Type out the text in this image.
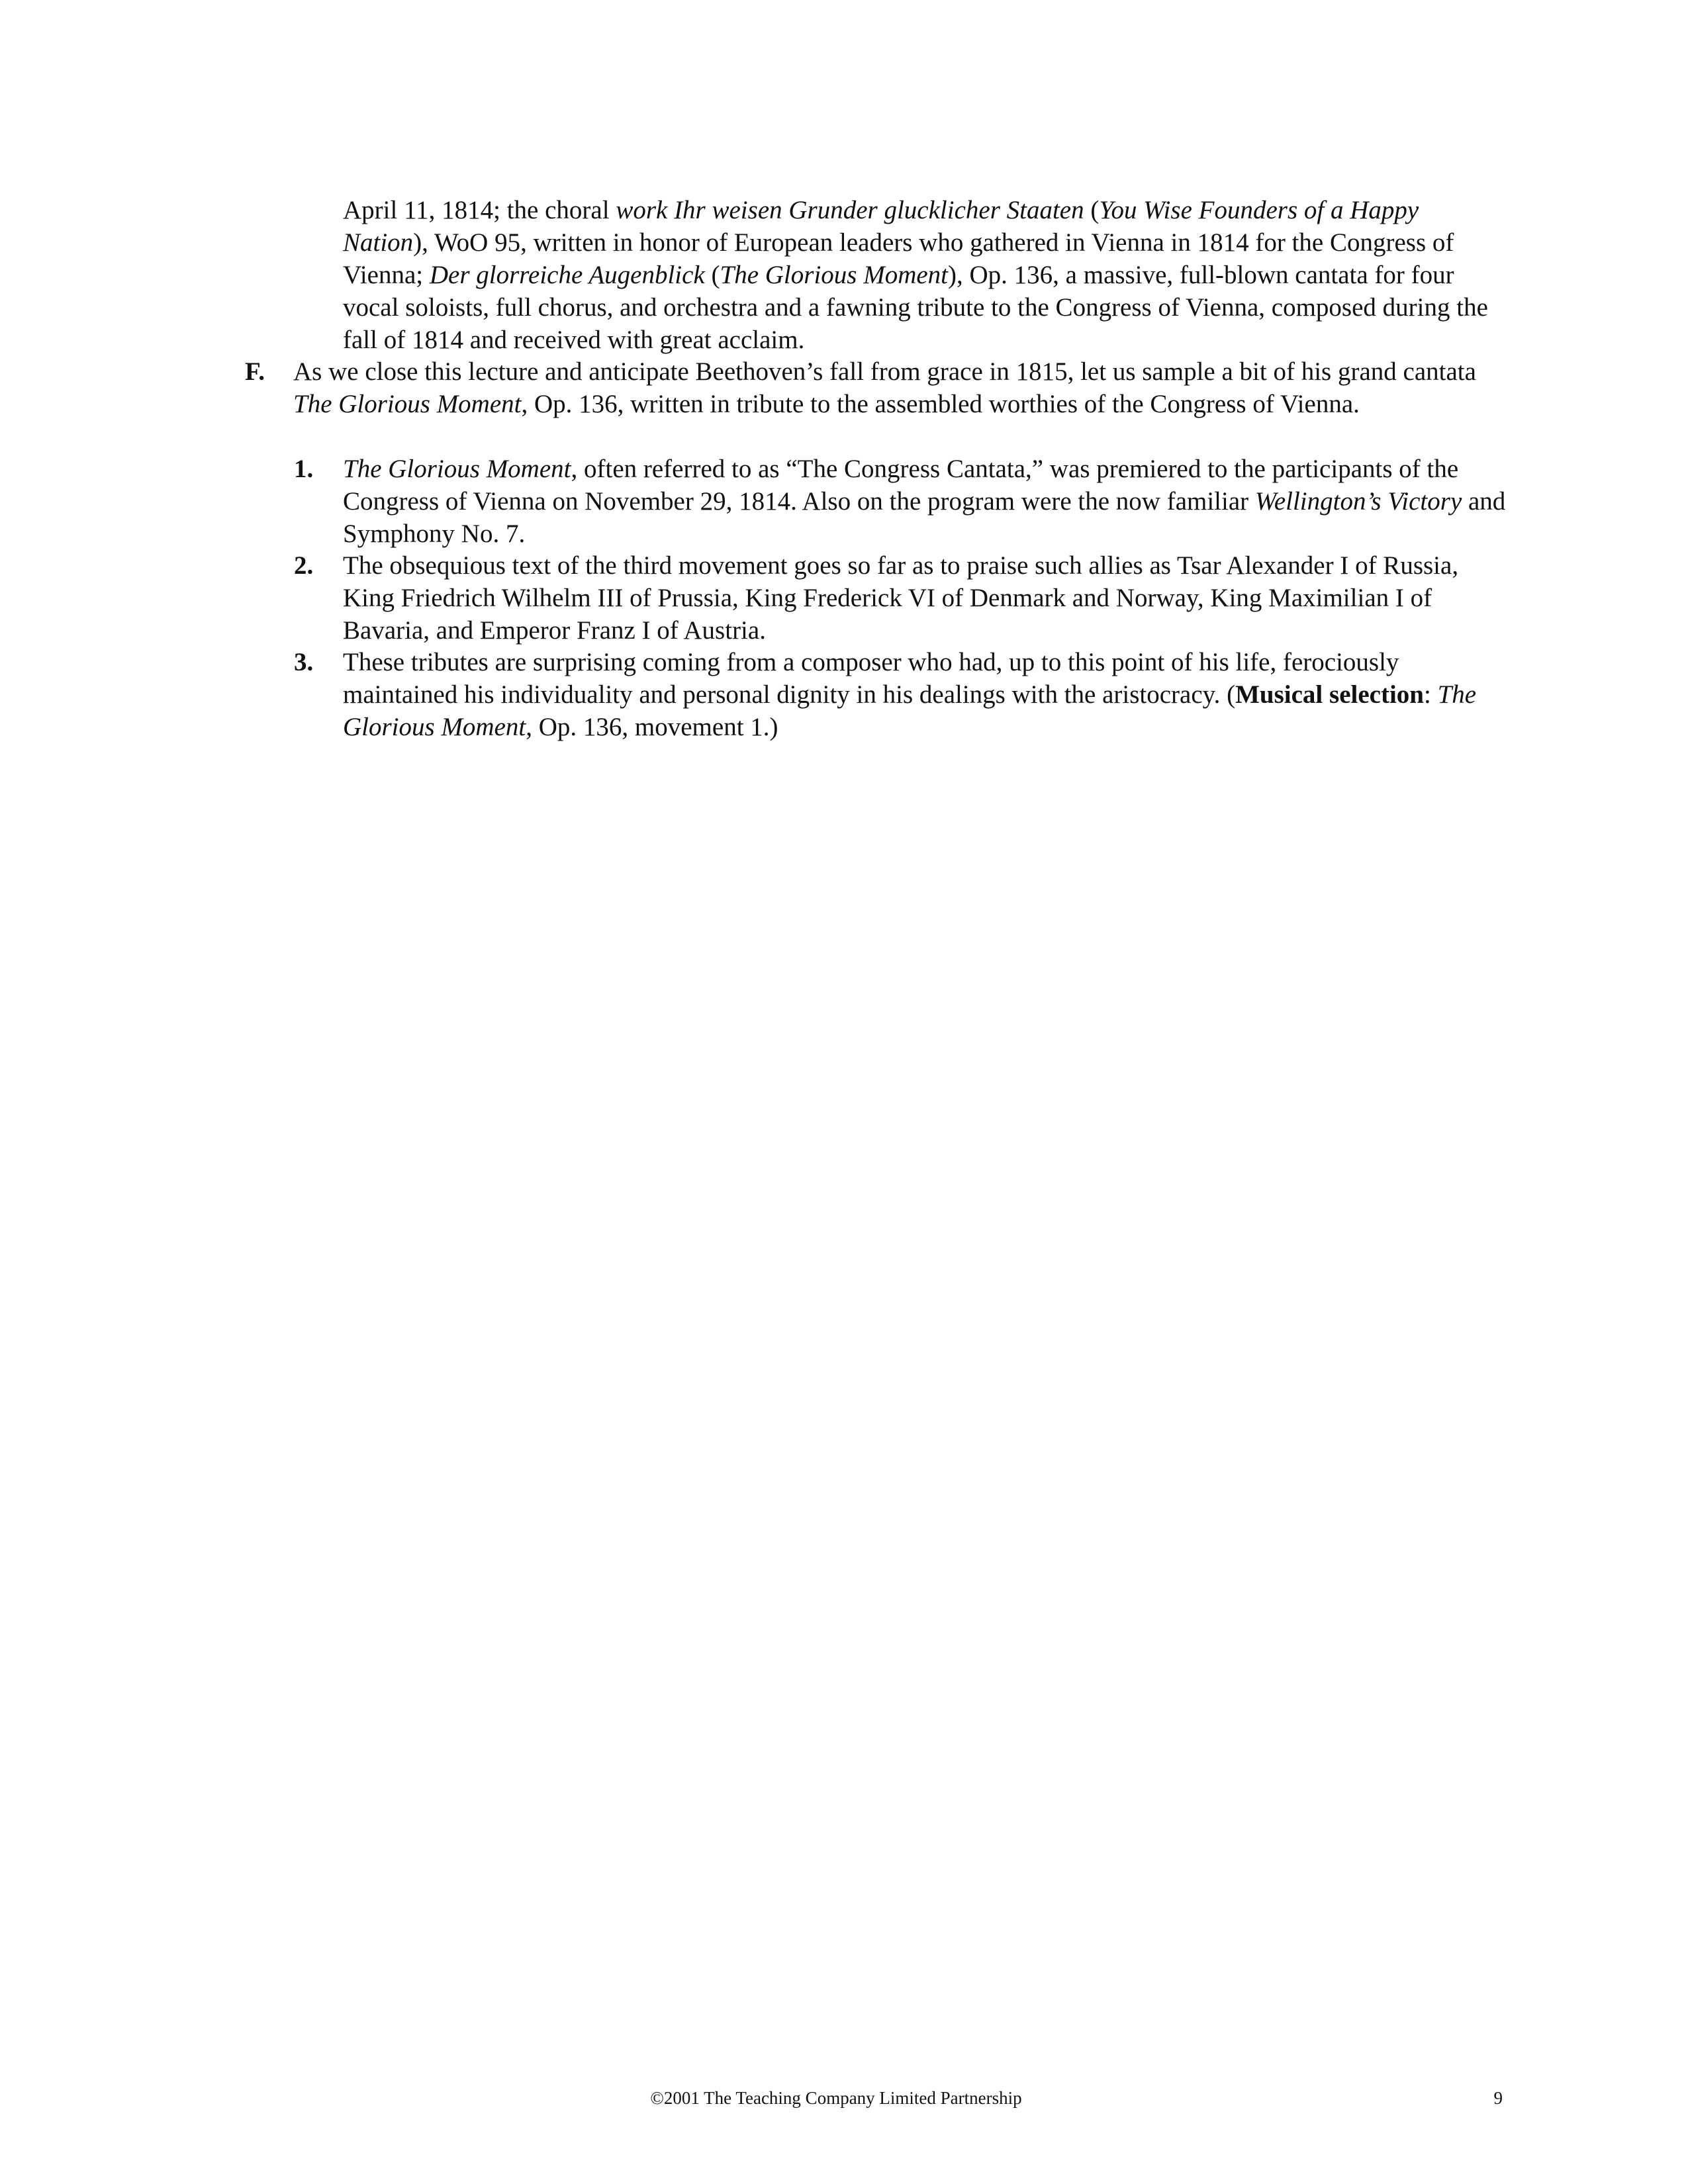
April 11, 1814; the choral work Ihr weisen Grunder glucklicher Staaten (You Wise Founders of a Happy Nation), WoO 95, written in honor of European leaders who gathered in Vienna in 1814 for the Congress of Vienna; Der glorreiche Augenblick (The Glorious Moment), Op. 136, a massive, full-blown cantata for four vocal soloists, full chorus, and orchestra and a fawning tribute to the Congress of Vienna, composed during the fall of 1814 and received with great acclaim.
F. As we close this lecture and anticipate Beethoven’s fall from grace in 1815, let us sample a bit of his grand cantata The Glorious Moment, Op. 136, written in tribute to the assembled worthies of the Congress of Vienna.
1. The Glorious Moment, often referred to as “The Congress Cantata,” was premiered to the participants of the Congress of Vienna on November 29, 1814. Also on the program were the now familiar Wellington’s Victory and Symphony No. 7.
2. The obsequious text of the third movement goes so far as to praise such allies as Tsar Alexander I of Russia, King Friedrich Wilhelm III of Prussia, King Frederick VI of Denmark and Norway, King Maximilian I of Bavaria, and Emperor Franz I of Austria.
3. These tributes are surprising coming from a composer who had, up to this point of his life, ferociously maintained his individuality and personal dignity in his dealings with the aristocracy. (Musical selection: The Glorious Moment, Op. 136, movement 1.)
©2001 The Teaching Company Limited Partnership	9
